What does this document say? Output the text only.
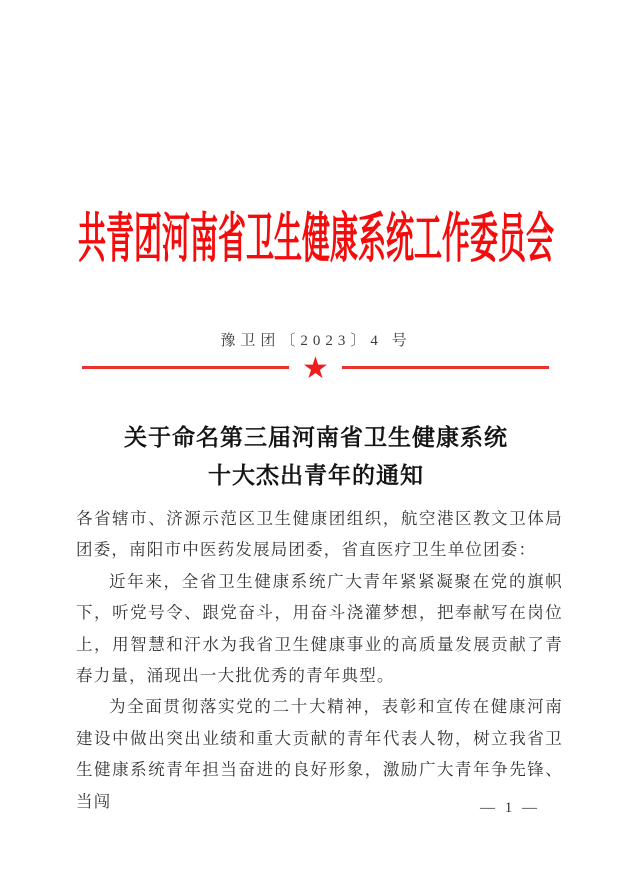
共青团河南省卫生健康系统工作委员会
豫卫团〔2023〕4 号
★
关于命名第三届河南省卫生健康系统
十大杰出青年的通知

各省辖市、济源示范区卫生健康团组织，航空港区教文卫体局团委，南阳市中医药发展局团委，省直医疗卫生单位团委：

近年来，全省卫生健康系统广大青年紧紧凝聚在党的旗帜下，听党号令、跟党奋斗，用奋斗浇灌梦想，把奉献写在岗位上，用智慧和汗水为我省卫生健康事业的高质量发展贡献了青春力量，涌现出一大批优秀的青年典型。

为全面贯彻落实党的二十大精神，表彰和宣传在健康河南建设中做出突出业绩和重大贡献的青年代表人物，树立我省卫生健康系统青年担当奋进的良好形象，激励广大青年争先锋、当闯	— 1 —
